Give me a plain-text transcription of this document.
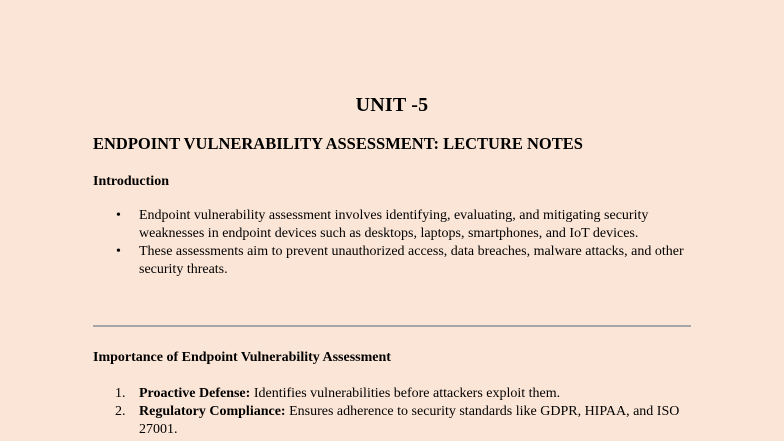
UNIT -5
ENDPOINT VULNERABILITY ASSESSMENT: LECTURE NOTES
Introduction
• Endpoint vulnerability assessment involves identifying, evaluating, and mitigating security weaknesses in endpoint devices such as desktops, laptops, smartphones, and IoT devices.
• These assessments aim to prevent unauthorized access, data breaches, malware attacks, and other security threats.
Importance of Endpoint Vulnerability Assessment
1. Proactive Defense: Identifies vulnerabilities before attackers exploit them.
2. Regulatory Compliance: Ensures adherence to security standards like GDPR, HIPAA, and ISO 27001.
